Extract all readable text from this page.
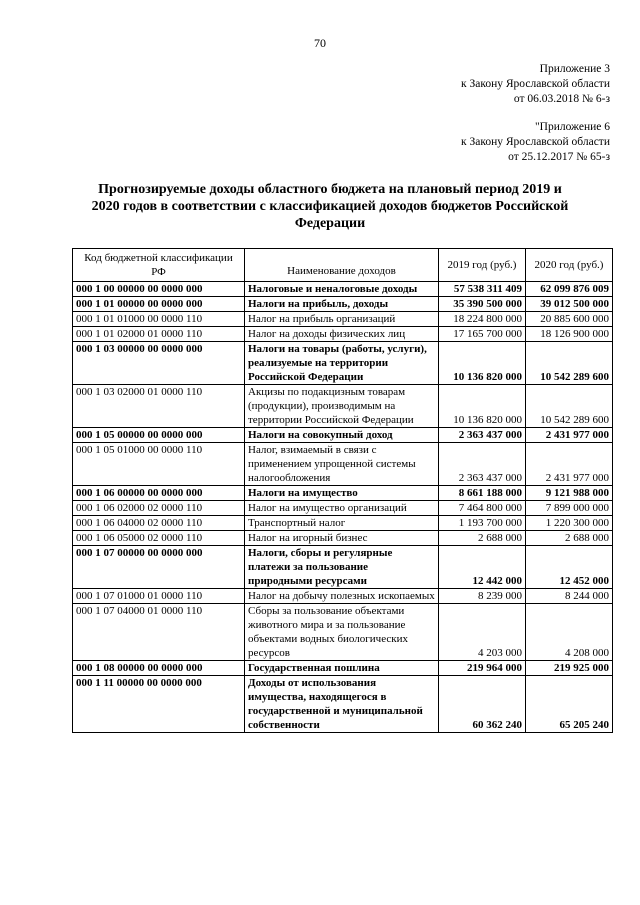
70
Приложение 3
к Закону Ярославской области
от 06.03.2018 № 6-з
"Приложение 6
к Закону Ярославской области
от 25.12.2017 № 65-з
Прогнозируемые доходы областного бюджета на плановый период 2019 и
2020 годов в соответствии с классификацией доходов бюджетов Российской
Федерации
Код бюджетной классификации РФ	Наименование доходов	2019 год (руб.)	2020 год (руб.)
000 1 00 00000 00 0000 000	Налоговые и неналоговые доходы	57 538 311 409	62 099 876 009
000 1 01 00000 00 0000 000	Налоги на прибыль, доходы	35 390 500 000	39 012 500 000
000 1 01 01000 00 0000 110	Налог на прибыль организаций	18 224 800 000	20 885 600 000
000 1 01 02000 01 0000 110	Налог на доходы физических лиц	17 165 700 000	18 126 900 000
000 1 03 00000 00 0000 000	Налоги на товары (работы, услуги), реализуемые на территории Российской Федерации	10 136 820 000	10 542 289 600
000 1 03 02000 01 0000 110	Акцизы по подакцизным товарам (продукции), производимым на территории Российской Федерации	10 136 820 000	10 542 289 600
000 1 05 00000 00 0000 000	Налоги на совокупный доход	2 363 437 000	2 431 977 000
000 1 05 01000 00 0000 110	Налог, взимаемый в связи с применением упрощенной системы налогообложения	2 363 437 000	2 431 977 000
000 1 06 00000 00 0000 000	Налоги на имущество	8 661 188 000	9 121 988 000
000 1 06 02000 02 0000 110	Налог на имущество организаций	7 464 800 000	7 899 000 000
000 1 06 04000 02 0000 110	Транспортный налог	1 193 700 000	1 220 300 000
000 1 06 05000 02 0000 110	Налог на игорный бизнес	2 688 000	2 688 000
000 1 07 00000 00 0000 000	Налоги, сборы и регулярные платежи за пользование природными ресурсами	12 442 000	12 452 000
000 1 07 01000 01 0000 110	Налог на добычу полезных ископаемых	8 239 000	8 244 000
000 1 07 04000 01 0000 110	Сборы за пользование объектами животного мира и за пользование объектами водных биологических ресурсов	4 203 000	4 208 000
000 1 08 00000 00 0000 000	Государственная пошлина	219 964 000	219 925 000
000 1 11 00000 00 0000 000	Доходы от использования имущества, находящегося в государственной и муниципальной собственности	60 362 240	65 205 240
